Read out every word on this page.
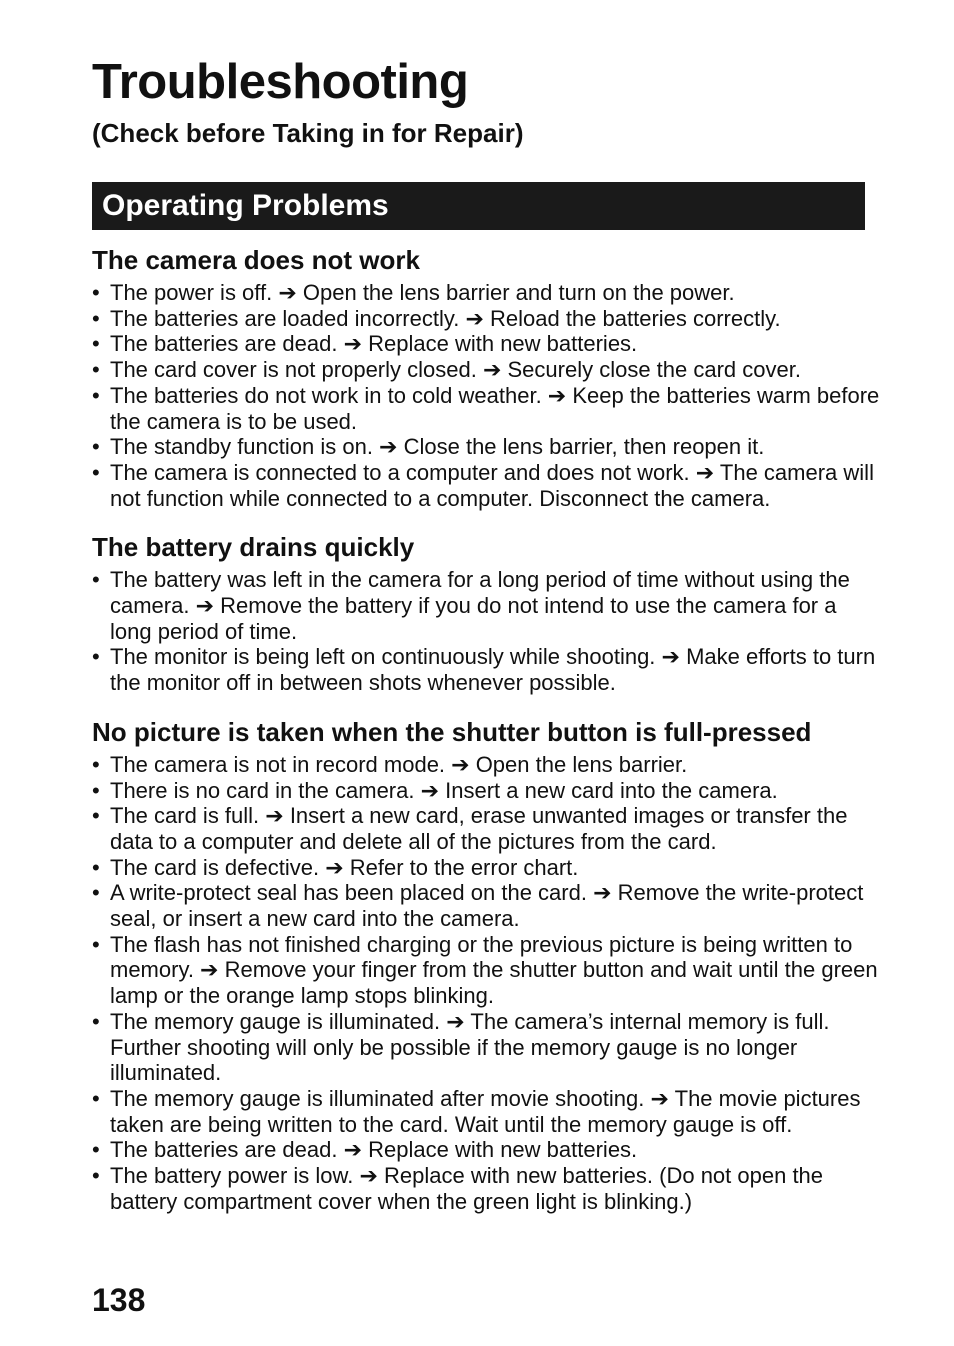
Troubleshooting
(Check before Taking in for Repair)
Operating Problems
The camera does not work
• The power is off. ➔ Open the lens barrier and turn on the power.
• The batteries are loaded incorrectly. ➔ Reload the batteries correctly.
• The batteries are dead. ➔ Replace with new batteries.
• The card cover is not properly closed. ➔ Securely close the card cover.
• The batteries do not work in to cold weather. ➔ Keep the batteries warm before the camera is to be used.
• The standby function is on. ➔ Close the lens barrier, then reopen it.
• The camera is connected to a computer and does not work. ➔ The camera will not function while connected to a computer. Disconnect the camera.
The battery drains quickly
• The battery was left in the camera for a long period of time without using the camera. ➔ Remove the battery if you do not intend to use the camera for a long period of time.
• The monitor is being left on continuously while shooting. ➔ Make efforts to turn the monitor off in between shots whenever possible.
No picture is taken when the shutter button is full-pressed
• The camera is not in record mode. ➔ Open the lens barrier.
• There is no card in the camera. ➔ Insert a new card into the camera.
• The card is full. ➔ Insert a new card, erase unwanted images or transfer the data to a computer and delete all of the pictures from the card.
• The card is defective. ➔ Refer to the error chart.
• A write-protect seal has been placed on the card. ➔ Remove the write-protect seal, or insert a new card into the camera.
• The flash has not finished charging or the previous picture is being written to memory. ➔ Remove your finger from the shutter button and wait until the green lamp or the orange lamp stops blinking.
• The memory gauge is illuminated. ➔ The camera’s internal memory is full. Further shooting will only be possible if the memory gauge is no longer illuminated.
• The memory gauge is illuminated after movie shooting. ➔ The movie pictures taken are being written to the card. Wait until the memory gauge is off.
• The batteries are dead. ➔ Replace with new batteries.
• The battery power is low. ➔ Replace with new batteries. (Do not open the battery compartment cover when the green light is blinking.)
138
